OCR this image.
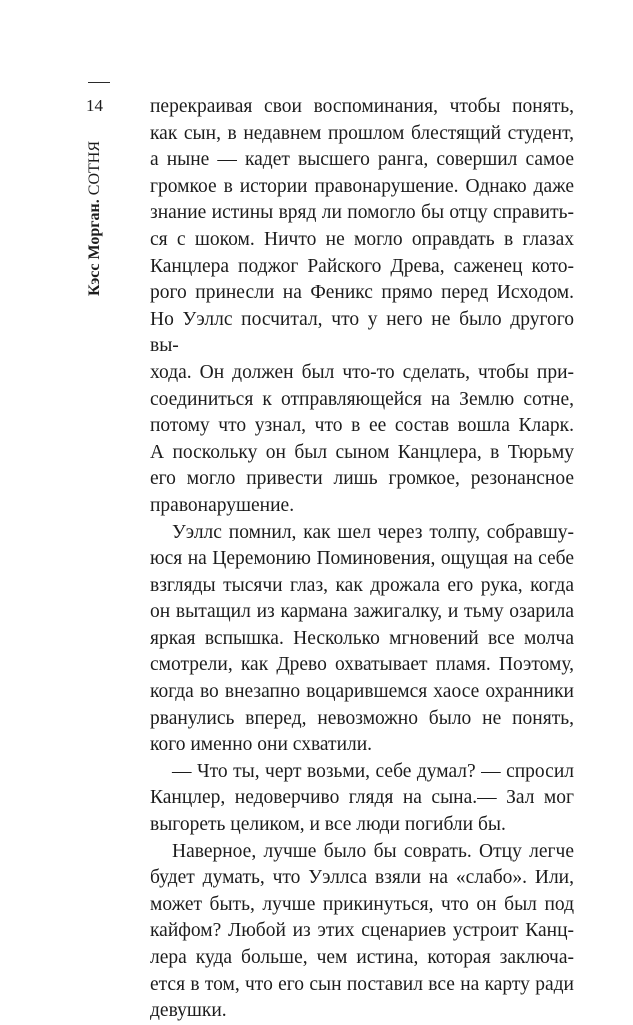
14
Кэсс Морган. СОТНЯ
перекраивая свои воспоминания, чтобы понять,
как сын, в недавнем прошлом блестящий студент,
а ныне — кадет высшего ранга, совершил самое
громкое в истории правонарушение. Однако даже
знание истины вряд ли помогло бы отцу справить-
ся с шоком. Ничто не могло оправдать в глазах
Канцлера поджог Райского Древа, саженец кото-
рого принесли на Феникс прямо перед Исходом.
Но Уэллс посчитал, что у него не было другого вы-
хода. Он должен был что-то сделать, чтобы при-
соединиться к отправляющейся на Землю сотне,
потому что узнал, что в ее состав вошла Кларк.
А поскольку он был сыном Канцлера, в Тюрьму
его могло привести лишь громкое, резонансное
правонарушение.
Уэллс помнил, как шел через толпу, собравшу-
юся на Церемонию Поминовения, ощущая на себе
взгляды тысячи глаз, как дрожала его рука, когда
он вытащил из кармана зажигалку, и тьму озарила
яркая вспышка. Несколько мгновений все молча
смотрели, как Древо охватывает пламя. Поэтому,
когда во внезапно воцарившемся хаосе охранники
рванулись вперед, невозможно было не понять,
кого именно они схватили.
— Что ты, черт возьми, себе думал? — спросил
Канцлер, недоверчиво глядя на сына.— Зал мог
выгореть целиком, и все люди погибли бы.
Наверное, лучше было бы соврать. Отцу легче
будет думать, что Уэллса взяли на «слабо». Или,
может быть, лучше прикинуться, что он был под
кайфом? Любой из этих сценариев устроит Канц-
лера куда больше, чем истина, которая заключа-
ется в том, что его сын поставил все на карту ради
девушки.
